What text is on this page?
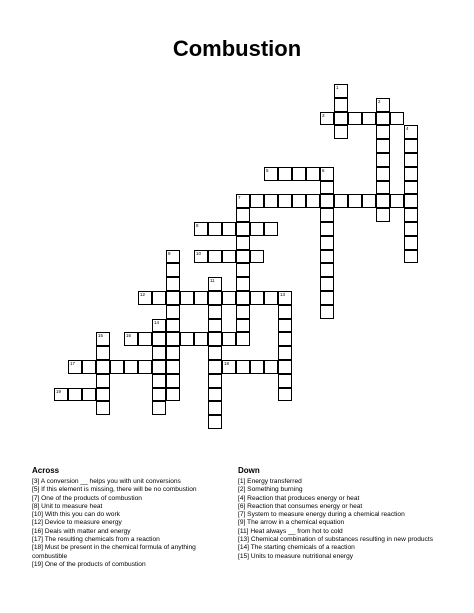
Combustion
1
2
3
4
5	6
7
8
9	10
11
12	13
14
15	16
17	18
19
Across
[3] A conversion __ helps you with unit conversions
[5] If this element is missing, there will be no combustion
[7] One of the products of combustion
[8] Unit to measure heat
[10] With this you can do work
[12] Device to measure energy
[16] Deals with matter and energy
[17] The resulting chemicals from a reaction
[18] Must be present in the chemical formula of anything combustible
[19] One of the products of combustion
Down
[1] Energy transferred
[2] Something burning
[4] Reaction that produces energy or heat
[6] Reaction that consumes energy or heat
[7] System to measure energy during a chemical reaction
[9] The arrow in a chemical equation
[11] Heat always __ from hot to cold
[13] Chemical combination of substances resulting in new products
[14] The starting chemicals of a reaction
[15] Units to measure nutritional energy
